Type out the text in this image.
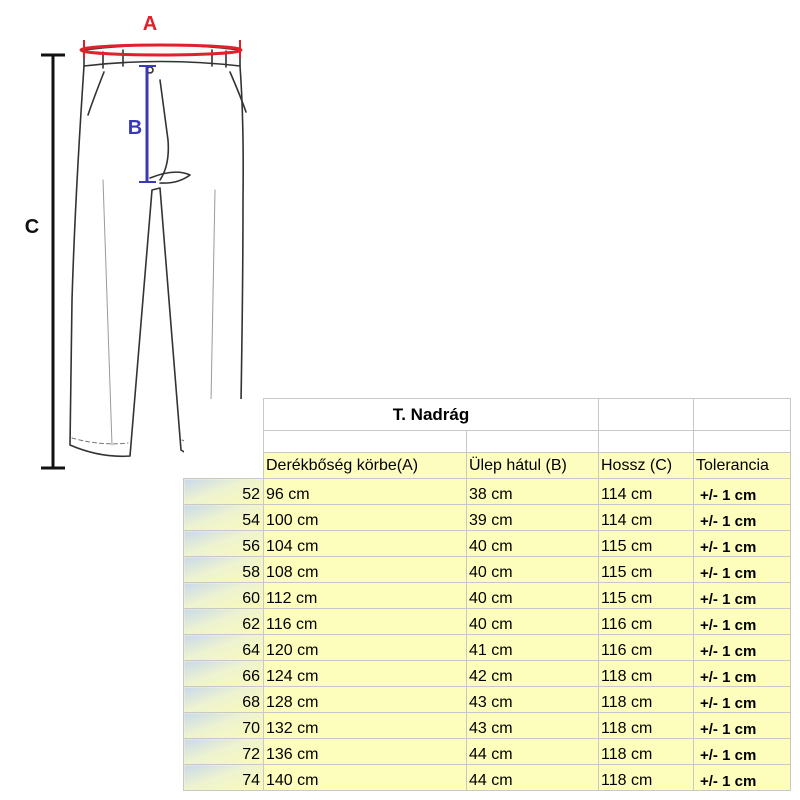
A
B
C
	T. Nadrág			

	Derékbőség körbe(A)	Ülep hátul (B)	Hossz (C)	Tolerancia
52	96 cm	38 cm	114 cm	+/- 1 cm
54	100 cm	39 cm	114 cm	+/- 1 cm
56	104 cm	40 cm	115 cm	+/- 1 cm
58	108 cm	40 cm	115 cm	+/- 1 cm
60	112 cm	40 cm	115 cm	+/- 1 cm
62	116 cm	40 cm	116 cm	+/- 1 cm
64	120 cm	41 cm	116 cm	+/- 1 cm
66	124 cm	42 cm	118 cm	+/- 1 cm
68	128 cm	43 cm	118 cm	+/- 1 cm
70	132 cm	43 cm	118 cm	+/- 1 cm
72	136 cm	44 cm	118 cm	+/- 1 cm
74	140 cm	44 cm	118 cm	+/- 1 cm
